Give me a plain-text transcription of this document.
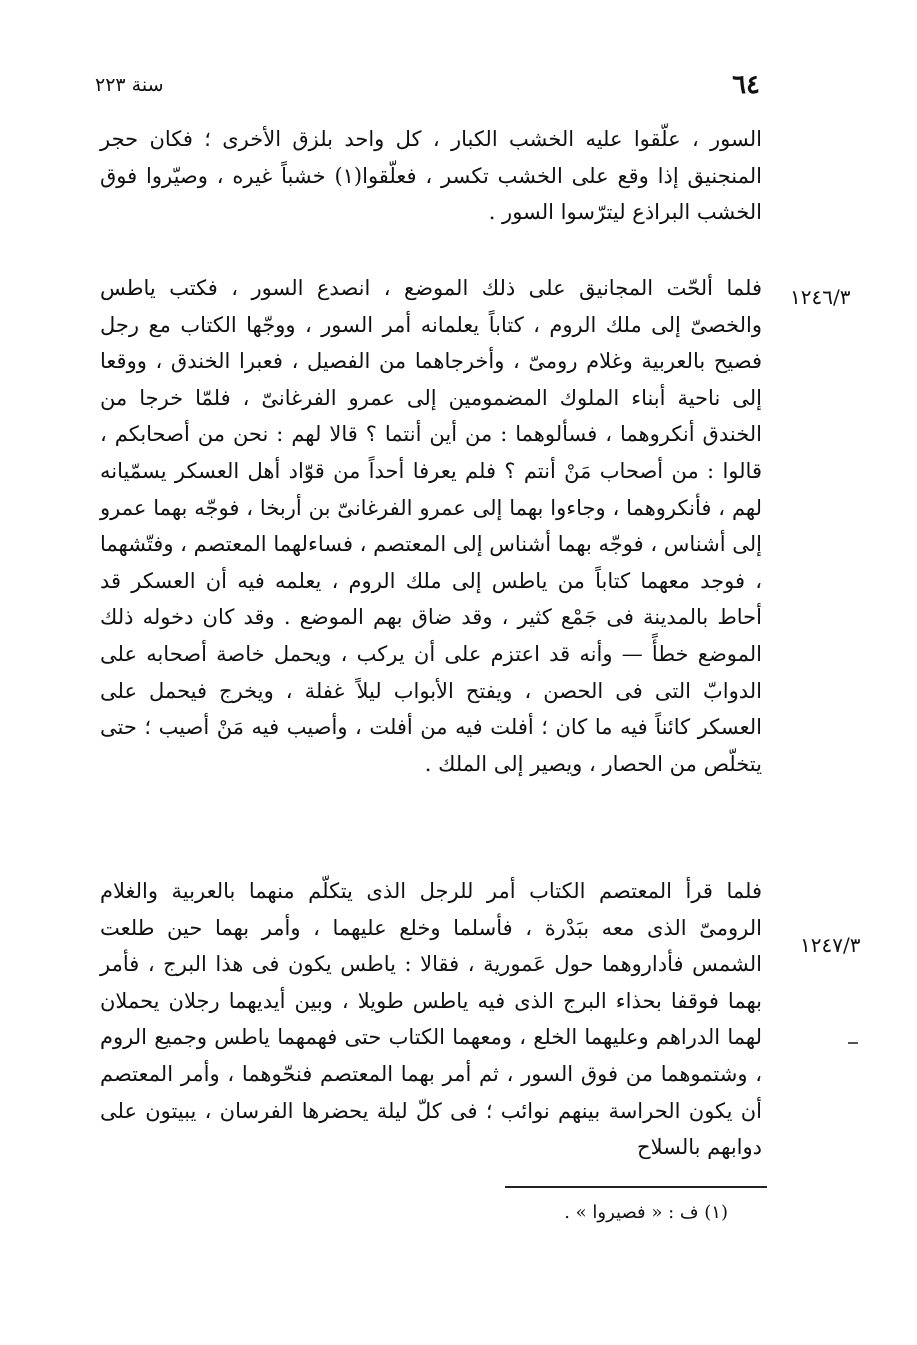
٦٤
سنة ٢٢٣

السور ، علّقوا عليه الخشب الكبار ، كل واحد بلزق الأخرى ؛ فكان حجر المنجنيق إذا وقع على الخشب تكسر ، فعلّقوا(١) خشباً غيره ، وصيّروا فوق الخشب البراذع ليترّسوا السور .

١٢٤٦/٣

فلما ألحّت المجانيق على ذلك الموضع ، انصدع السور ، فكتب ياطس والخصىّ إلى ملك الروم ، كتاباً يعلمانه أمر السور ، ووجّها الكتاب مع رجل فصيح بالعربية وغلام رومىّ ، وأخرجاهما من الفصيل ، فعبرا الخندق ، ووقعا إلى ناحية أبناء الملوك المضمومين إلى عمرو الفرغانىّ ، فلمّا خرجا من الخندق أنكروهما ، فسألوهما : من أين أنتما ؟ قالا لهم : نحن من أصحابكم ، قالوا : من أصحاب مَنْ أنتم ؟ فلم يعرفا أحداً من قوّاد أهل العسكر يسمّيانه لهم ، فأنكروهما ، وجاءوا بهما إلى عمرو الفرغانىّ بن أربخا ، فوجّه بهما عمرو إلى أشناس ، فوجّه بهما أشناس إلى المعتصم ، فساءلهما المعتصم ، وفتّشهما ، فوجد معهما كتاباً من ياطس إلى ملك الروم ، يعلمه فيه أن العسكر قد أحاط بالمدينة فى جَمْع كثير ، وقد ضاق بهم الموضع . وقد كان دخوله ذلك الموضع خطأً — وأنه قد اعتزم على أن يركب ، ويحمل خاصة أصحابه على الدوابّ التى فى الحصن ، ويفتح الأبواب ليلاً غفلة ، ويخرج فيحمل على العسكر كائناً فيه ما كان ؛ أفلت فيه من أفلت ، وأصيب فيه مَنْ أصيب ؛ حتى يتخلّص من الحصار ، ويصير إلى الملك .

١٢٤٧/٣

فلما قرأ المعتصم الكتاب أمر للرجل الذى يتكلّم منهما بالعربية والغلام الرومىّ الذى معه ببَدْرة ، فأسلما وخلع عليهما ، وأمر بهما حين طلعت الشمس فأداروهما حول عَمورية ، فقالا : ياطس يكون فى هذا البرج ، فأمر بهما فوقفا بحذاء البرج الذى فيه ياطس طويلا ، وبين أيديهما رجلان يحملان لهما الدراهم وعليهما الخلع ، ومعهما الكتاب حتى فهمهما ياطس وجميع الروم ، وشتموهما من فوق السور ، ثم أمر بهما المعتصم فنحّوهما ، وأمر المعتصم أن يكون الحراسة بينهم نوائب ؛ فى كلّ ليلة يحضرها الفرسان ، يبيتون على دوابهم بالسلاح

(١) ف : « فصيروا » .
